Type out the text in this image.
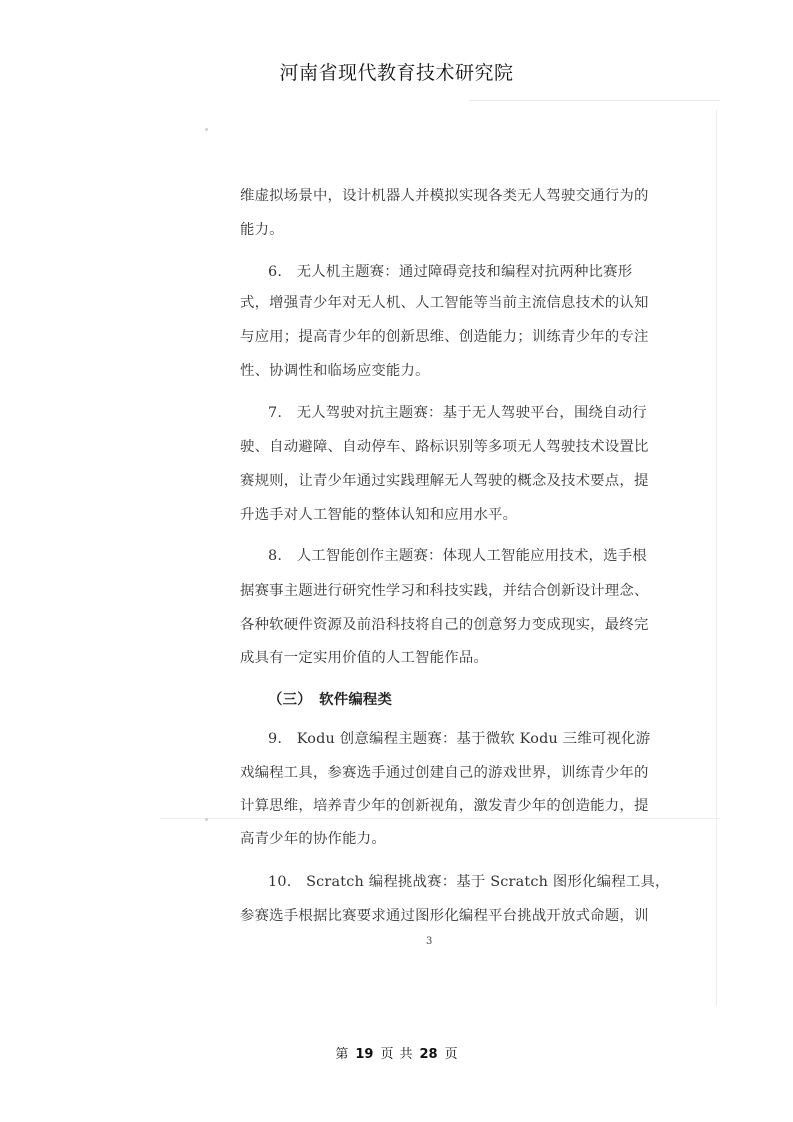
河南省现代教育技术研究院
维虚拟场景中，设计机器人并模拟实现各类无人驾驶交通行为的
能力。
6.　无人机主题赛：通过障碍竞技和编程对抗两种比赛形
式，增强青少年对无人机、人工智能等当前主流信息技术的认知
与应用；提高青少年的创新思维、创造能力；训练青少年的专注
性、协调性和临场应变能力。
7.　无人驾驶对抗主题赛：基于无人驾驶平台，围绕自动行
驶、自动避障、自动停车、路标识别等多项无人驾驶技术设置比
赛规则，让青少年通过实践理解无人驾驶的概念及技术要点，提
升选手对人工智能的整体认知和应用水平。
8.　人工智能创作主题赛：体现人工智能应用技术，选手根
据赛事主题进行研究性学习和科技实践，并结合创新设计理念、
各种软硬件资源及前沿科技将自己的创意努力变成现实，最终完
成具有一定实用价值的人工智能作品。
（三）　软件编程类
9.　Kodu 创意编程主题赛：基于微软 Kodu 三维可视化游
戏编程工具，参赛选手通过创建自己的游戏世界，训练青少年的
计算思维，培养青少年的创新视角，激发青少年的创造能力，提
高青少年的协作能力。
10.　Scratch 编程挑战赛：基于 Scratch 图形化编程工具，
参赛选手根据比赛要求通过图形化编程平台挑战开放式命题，训
3
第 19 页 共 28 页
